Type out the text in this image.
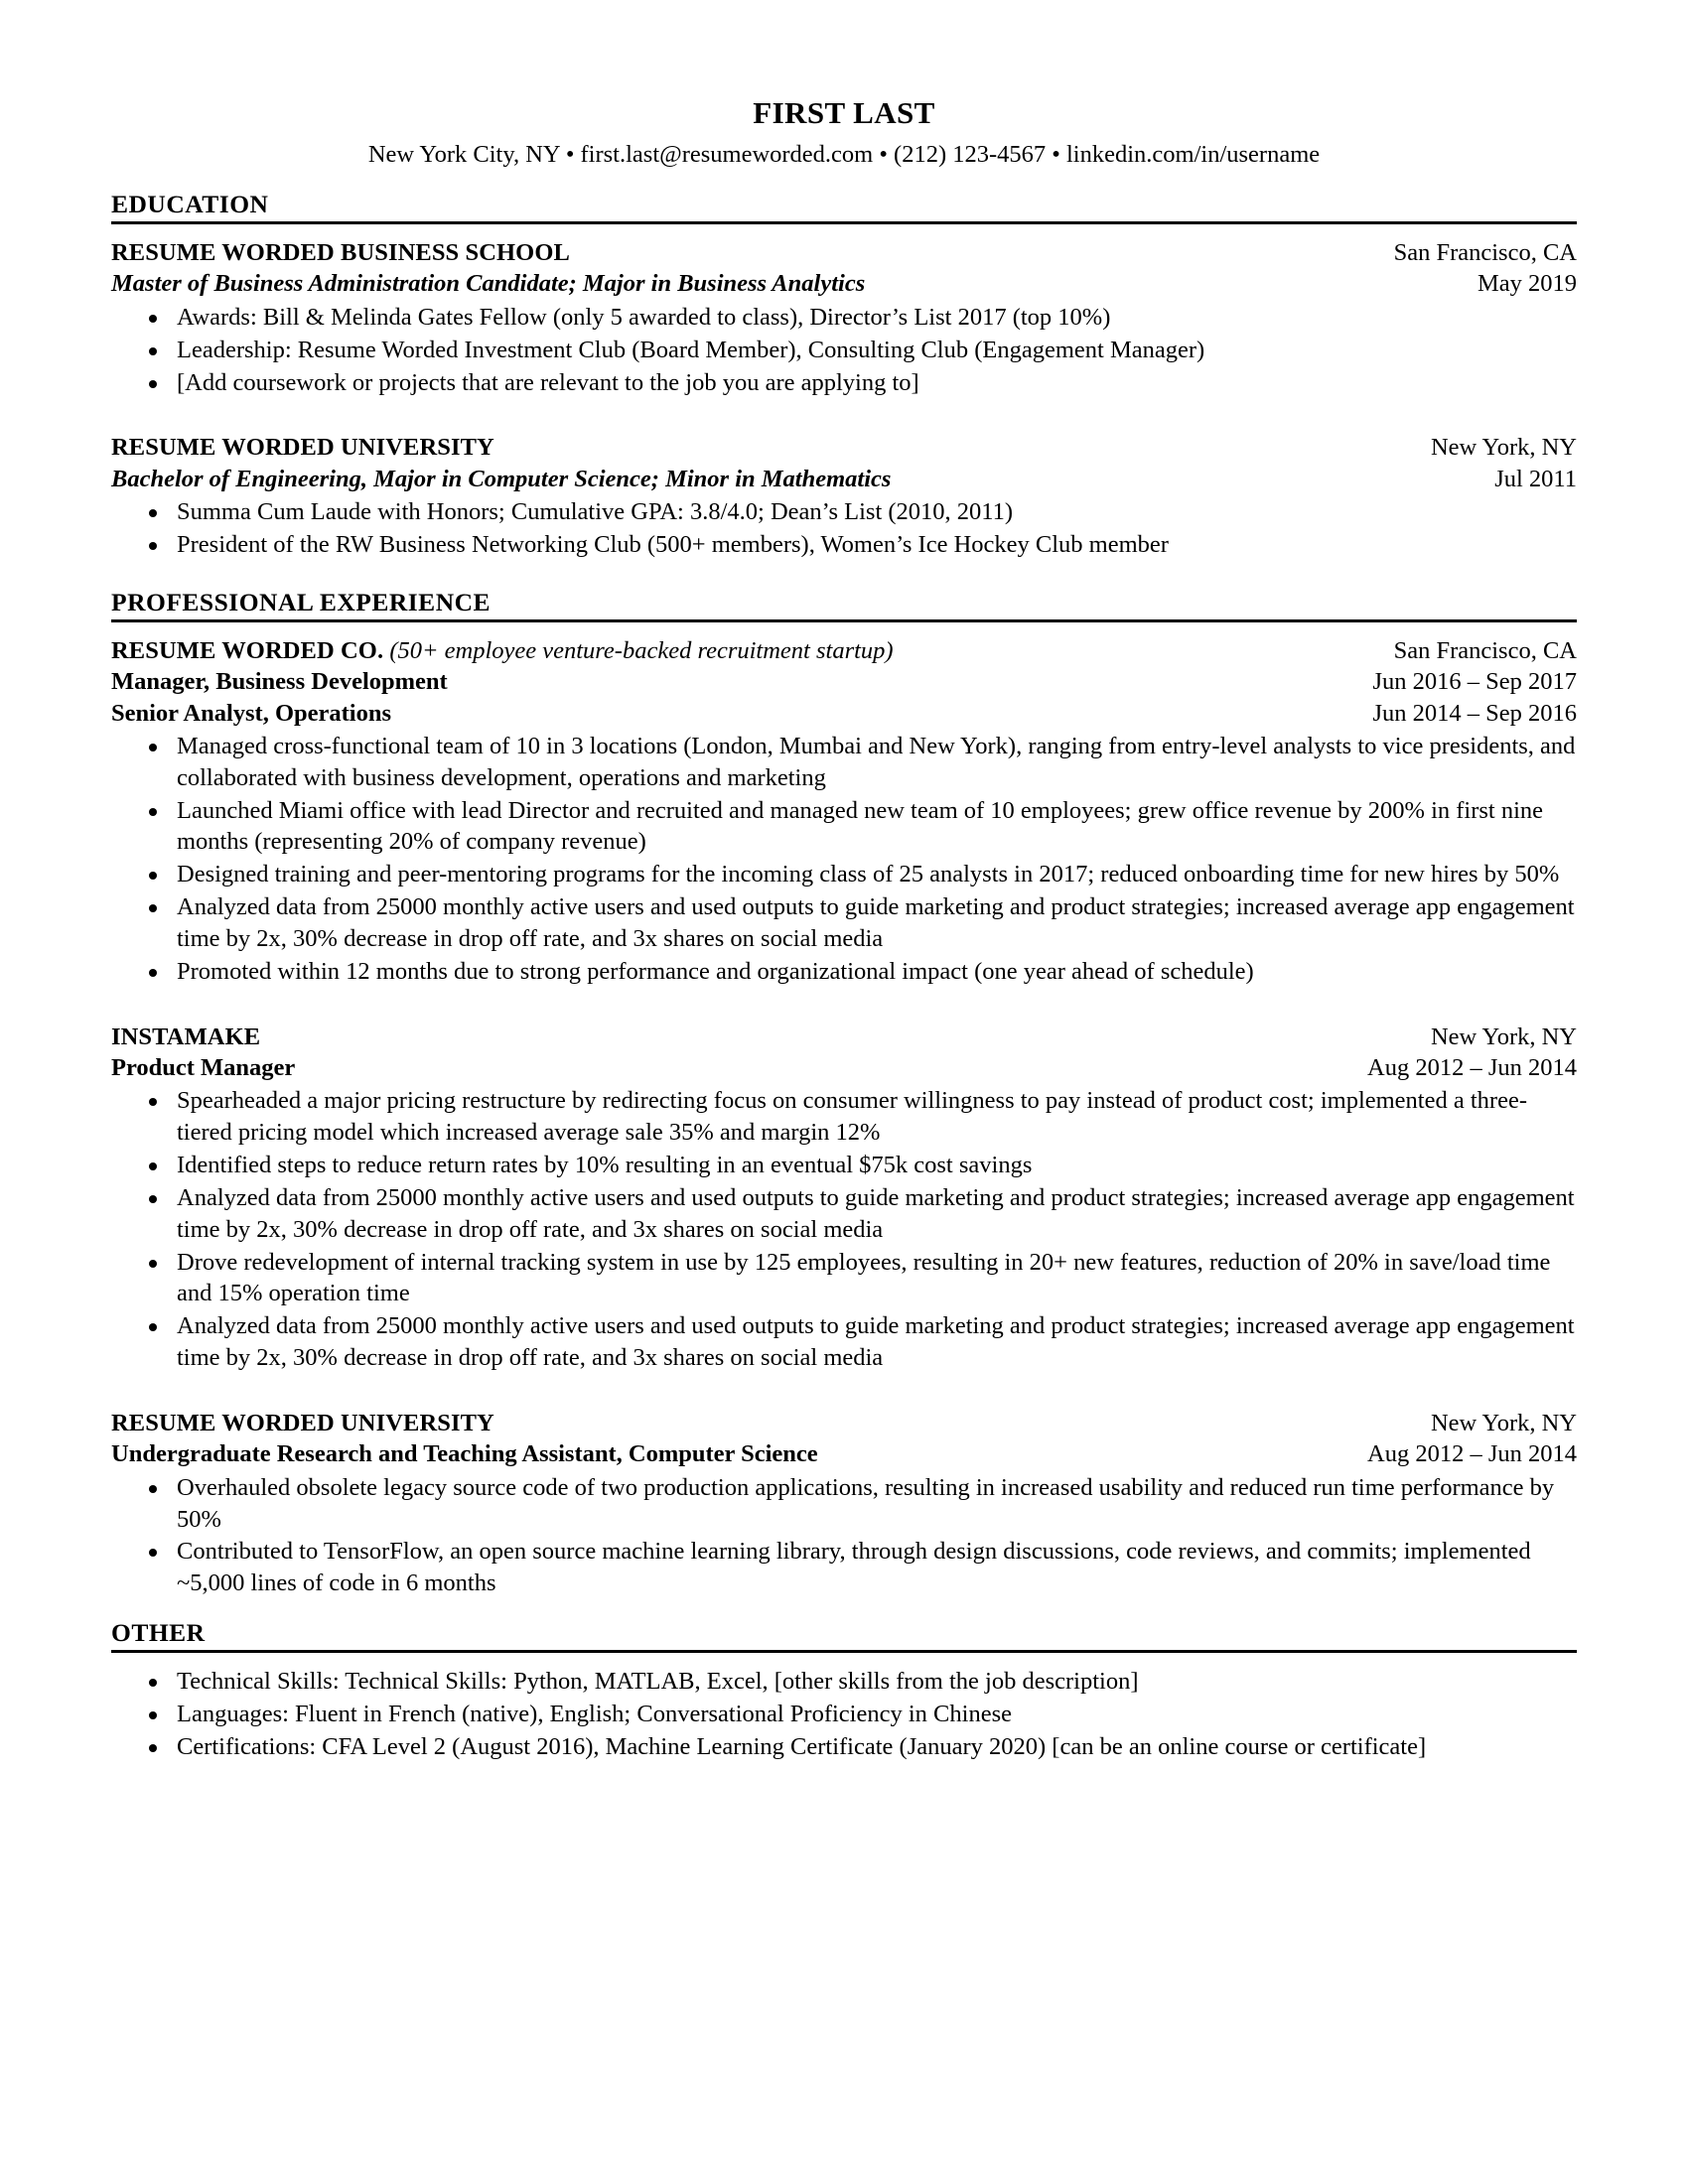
FIRST LAST
New York City, NY • first.last@resumeworded.com • (212) 123-4567 • linkedin.com/in/username
EDUCATION
RESUME WORDED BUSINESS SCHOOL	San Francisco, CA
Master of Business Administration Candidate; Major in Business Analytics	May 2019
Awards: Bill & Melinda Gates Fellow (only 5 awarded to class), Director’s List 2017 (top 10%)
Leadership: Resume Worded Investment Club (Board Member), Consulting Club (Engagement Manager)
[Add coursework or projects that are relevant to the job you are applying to]
RESUME WORDED UNIVERSITY	New York, NY
Bachelor of Engineering, Major in Computer Science; Minor in Mathematics	Jul 2011
Summa Cum Laude with Honors; Cumulative GPA: 3.8/4.0; Dean’s List (2010, 2011)
President of the RW Business Networking Club (500+ members), Women’s Ice Hockey Club member
PROFESSIONAL EXPERIENCE
RESUME WORDED CO. (50+ employee venture-backed recruitment startup)	San Francisco, CA
Manager, Business Development	Jun 2016 – Sep 2017
Senior Analyst, Operations	Jun 2014 – Sep 2016
Managed cross-functional team of 10 in 3 locations (London, Mumbai and New York), ranging from entry-level analysts to vice presidents, and collaborated with business development, operations and marketing
Launched Miami office with lead Director and recruited and managed new team of 10 employees; grew office revenue by 200% in first nine months (representing 20% of company revenue)
Designed training and peer-mentoring programs for the incoming class of 25 analysts in 2017; reduced onboarding time for new hires by 50%
Analyzed data from 25000 monthly active users and used outputs to guide marketing and product strategies; increased average app engagement time by 2x, 30% decrease in drop off rate, and 3x shares on social media
Promoted within 12 months due to strong performance and organizational impact (one year ahead of schedule)
INSTAMAKE	New York, NY
Product Manager	Aug 2012 – Jun 2014
Spearheaded a major pricing restructure by redirecting focus on consumer willingness to pay instead of product cost; implemented a three-tiered pricing model which increased average sale 35% and margin 12%
Identified steps to reduce return rates by 10% resulting in an eventual $75k cost savings
Analyzed data from 25000 monthly active users and used outputs to guide marketing and product strategies; increased average app engagement time by 2x, 30% decrease in drop off rate, and 3x shares on social media
Drove redevelopment of internal tracking system in use by 125 employees, resulting in 20+ new features, reduction of 20% in save/load time and 15% operation time
Analyzed data from 25000 monthly active users and used outputs to guide marketing and product strategies; increased average app engagement time by 2x, 30% decrease in drop off rate, and 3x shares on social media
RESUME WORDED UNIVERSITY	New York, NY
Undergraduate Research and Teaching Assistant, Computer Science	Aug 2012 – Jun 2014
Overhauled obsolete legacy source code of two production applications, resulting in increased usability and reduced run time performance by 50%
Contributed to TensorFlow, an open source machine learning library, through design discussions, code reviews, and commits; implemented ~5,000 lines of code in 6 months
OTHER
Technical Skills: Technical Skills: Python, MATLAB, Excel, [other skills from the job description]
Languages: Fluent in French (native), English; Conversational Proficiency in Chinese
Certifications: CFA Level 2 (August 2016), Machine Learning Certificate (January 2020) [can be an online course or certificate]
